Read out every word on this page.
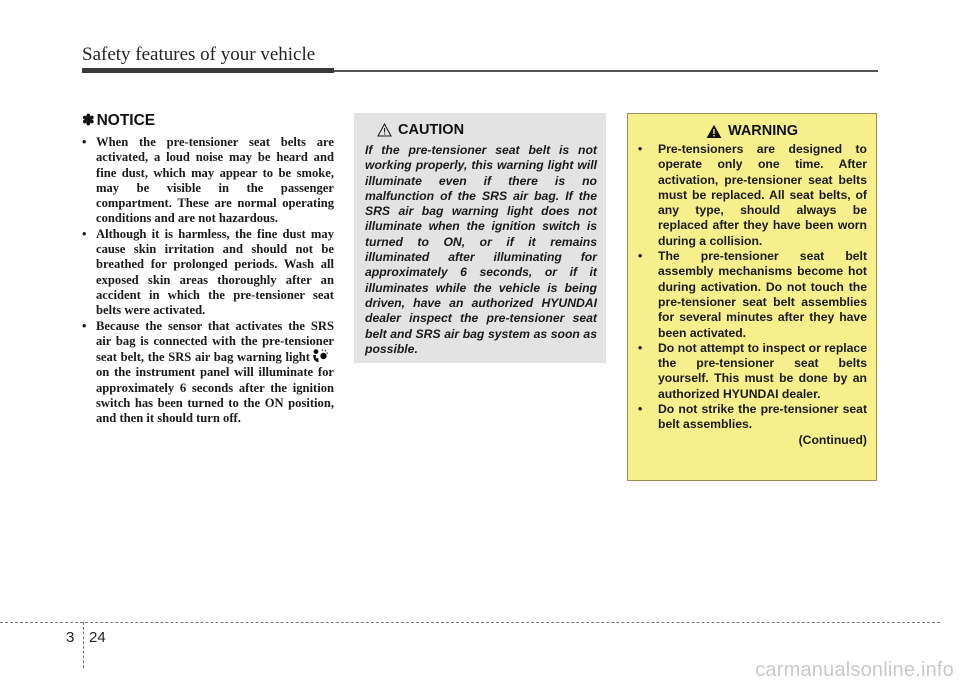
Safety features of your vehicle
✽ NOTICE
• When the pre-tensioner seat belts are activated, a loud noise may be heard and fine dust, which may appear to be smoke, may be visible in the passenger compartment. These are normal operating conditions and are not hazardous.
• Although it is harmless, the fine dust may cause skin irritation and should not be breathed for prolonged periods. Wash all exposed skin areas thoroughly after an accident in which the pre-tensioner seat belts were activated.
• Because the sensor that activates the SRS air bag is connected with the pre-tensioner seat belt, the SRS air bag warning lighton the instrument panel will illuminate for approximately 6 seconds after the ignition switch has been turned to the ON position, and then it should turn off.
CAUTION

If the pre-tensioner seat belt is not working properly, this warning light will illuminate even if there is no malfunction of the SRS air bag. If the SRS air bag warning light does not illuminate when the ignition switch is turned to ON, or if it remains illuminated after illuminating for approximately 6 seconds, or if it illuminates while the vehicle is being driven, have an authorized HYUNDAI dealer inspect the pre-tensioner seat belt and SRS air bag system as soon as possible.

WARNING
• Pre-tensioners are designed to operate only one time. After activation, pre-tensioner seat belts must be replaced. All seat belts, of any type, should always be replaced after they have been worn during a collision.
• The pre-tensioner seat belt assembly mechanisms become hot during activation. Do not touch the pre-tensioner seat belt assemblies for several minutes after they have been activated.
• Do not attempt to inspect or replace the pre-tensioner seat belts yourself. This must be done by an authorized HYUNDAI dealer.
• Do not strike the pre-tensioner seat belt assemblies.
(Continued)
3 24
carmanualsonline.info
